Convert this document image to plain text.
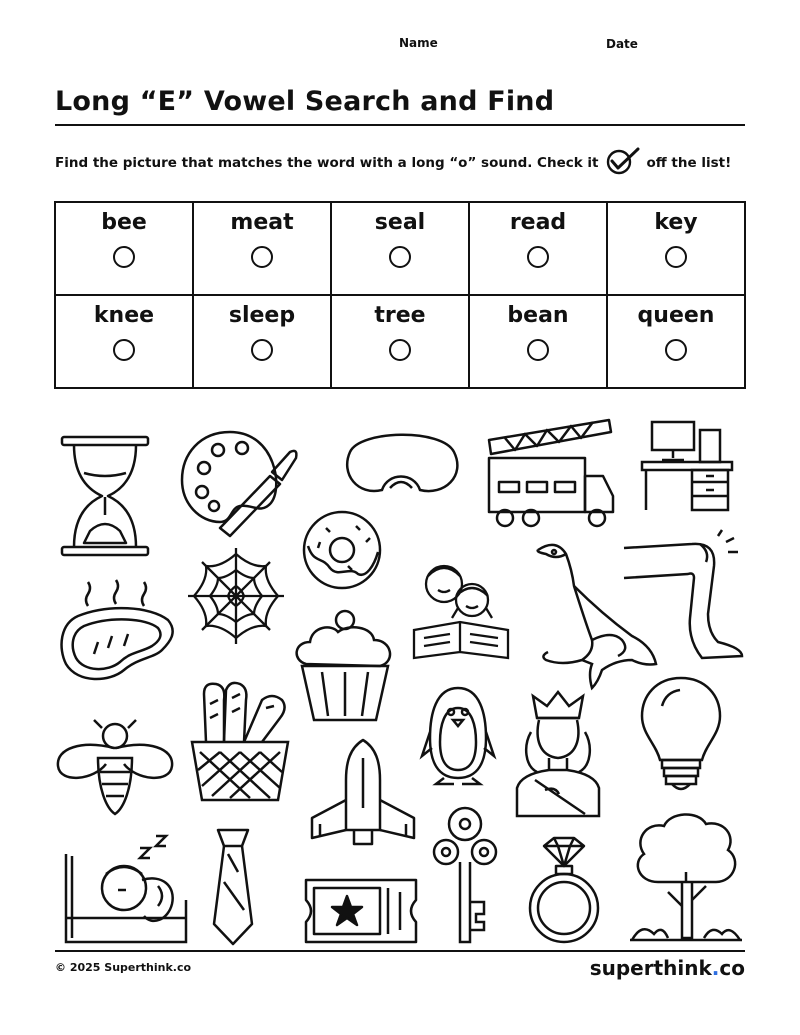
Name	Date
Long “E” Vowel Search and Find

Find the picture that matches the word with a long “o” sound. Check it	off the list!

bee	meat	seal	read	key

knee	sleep	tree	bean	queen
© 2025 Superthink.co	superthink.co
